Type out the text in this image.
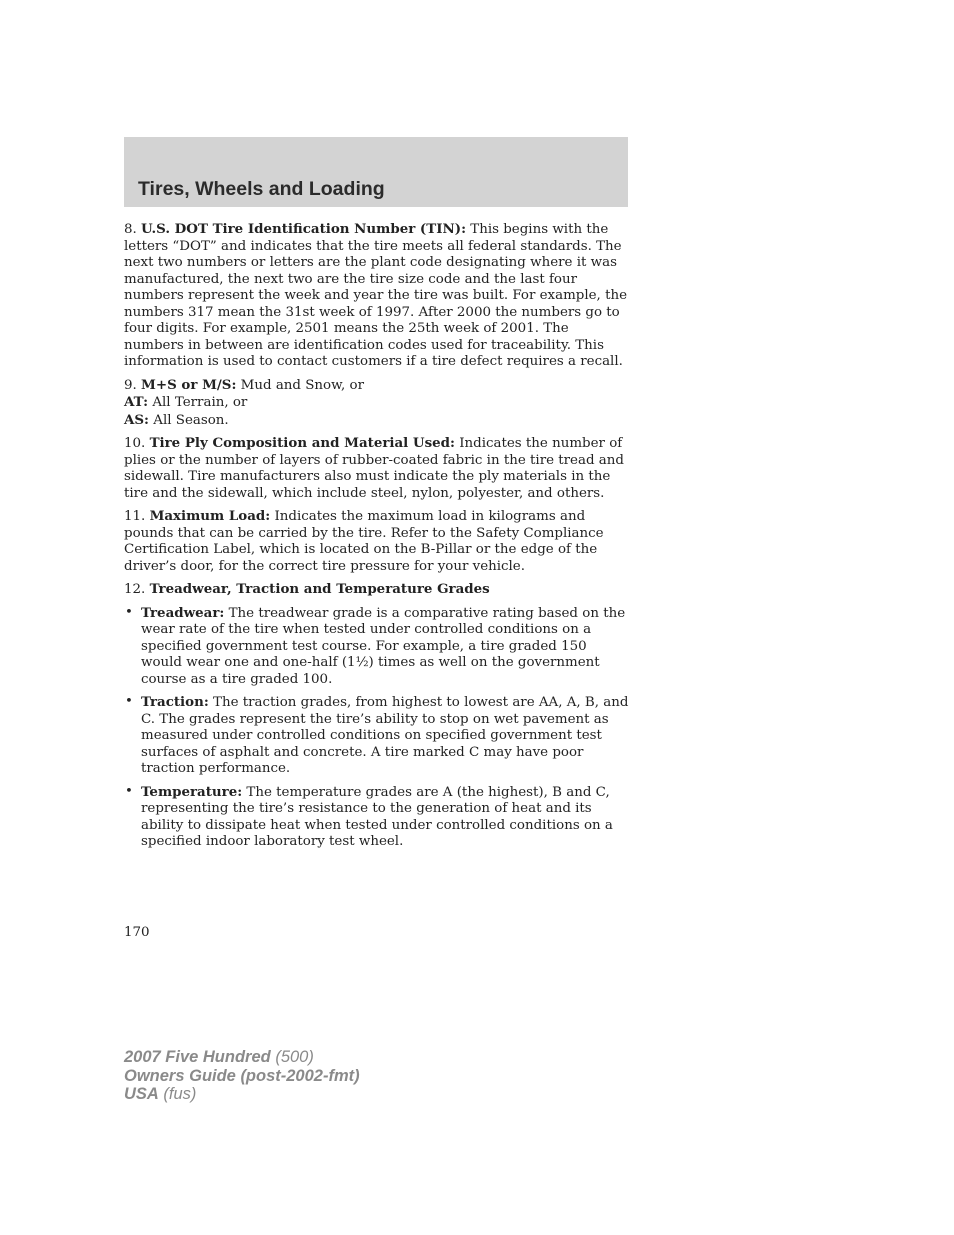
Tires, Wheels and Loading

8. U.S. DOT Tire Identification Number (TIN): This begins with the letters “DOT” and indicates that the tire meets all federal standards. The next two numbers or letters are the plant code designating where it was manufactured, the next two are the tire size code and the last four numbers represent the week and year the tire was built. For example, the numbers 317 mean the 31st week of 1997. After 2000 the numbers go to four digits. For example, 2501 means the 25th week of 2001. The numbers in between are identification codes used for traceability. This information is used to contact customers if a tire defect requires a recall.

9. M+S or M/S: Mud and Snow, or
AT: All Terrain, or
AS: All Season.

10. Tire Ply Composition and Material Used: Indicates the number of plies or the number of layers of rubber-coated fabric in the tire tread and sidewall. Tire manufacturers also must indicate the ply materials in the tire and the sidewall, which include steel, nylon, polyester, and others.

11. Maximum Load: Indicates the maximum load in kilograms and pounds that can be carried by the tire. Refer to the Safety Compliance Certification Label, which is located on the B-Pillar or the edge of the driver’s door, for the correct tire pressure for your vehicle.

12. Treadwear, Traction and Temperature Grades

• Treadwear: The treadwear grade is a comparative rating based on the wear rate of the tire when tested under controlled conditions on a specified government test course. For example, a tire graded 150 would wear one and one-half (1½) times as well on the government course as a tire graded 100.
• Traction: The traction grades, from highest to lowest are AA, A, B, and C. The grades represent the tire’s ability to stop on wet pavement as measured under controlled conditions on specified government test surfaces of asphalt and concrete. A tire marked C may have poor traction performance.
• Temperature: The temperature grades are A (the highest), B and C, representing the tire’s resistance to the generation of heat and its ability to dissipate heat when tested under controlled conditions on a specified indoor laboratory test wheel.
170
2007 Five Hundred (500)
Owners Guide (post-2002-fmt)
USA (fus)
